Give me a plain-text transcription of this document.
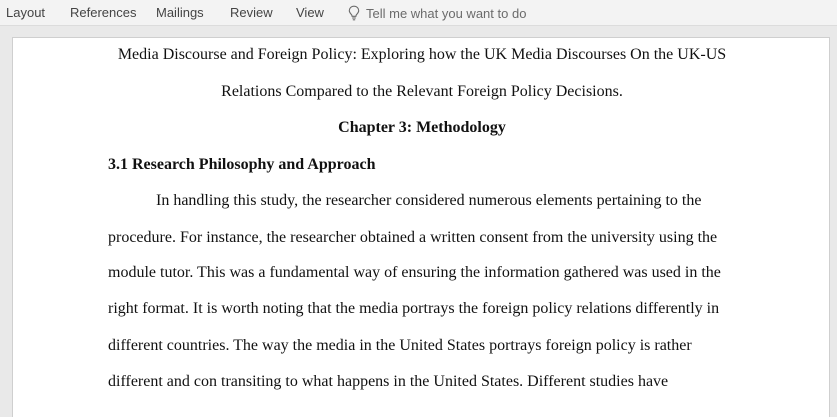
Layout References Mailings Review View	Tell me what you want to do
Media Discourse and Foreign Policy: Exploring how the UK Media Discourses On the UK-US
Relations Compared to the Relevant Foreign Policy Decisions.
Chapter 3: Methodology
3.1 Research Philosophy and Approach
In handling this study, the researcher considered numerous elements pertaining to the
procedure. For instance, the researcher obtained a written consent from the university using the
module tutor. This was a fundamental way of ensuring the information gathered was used in the
right format. It is worth noting that the media portrays the foreign policy relations differently in
different countries. The way the media in the United States portrays foreign policy is rather
different and con transiting to what happens in the United States. Different studies have
